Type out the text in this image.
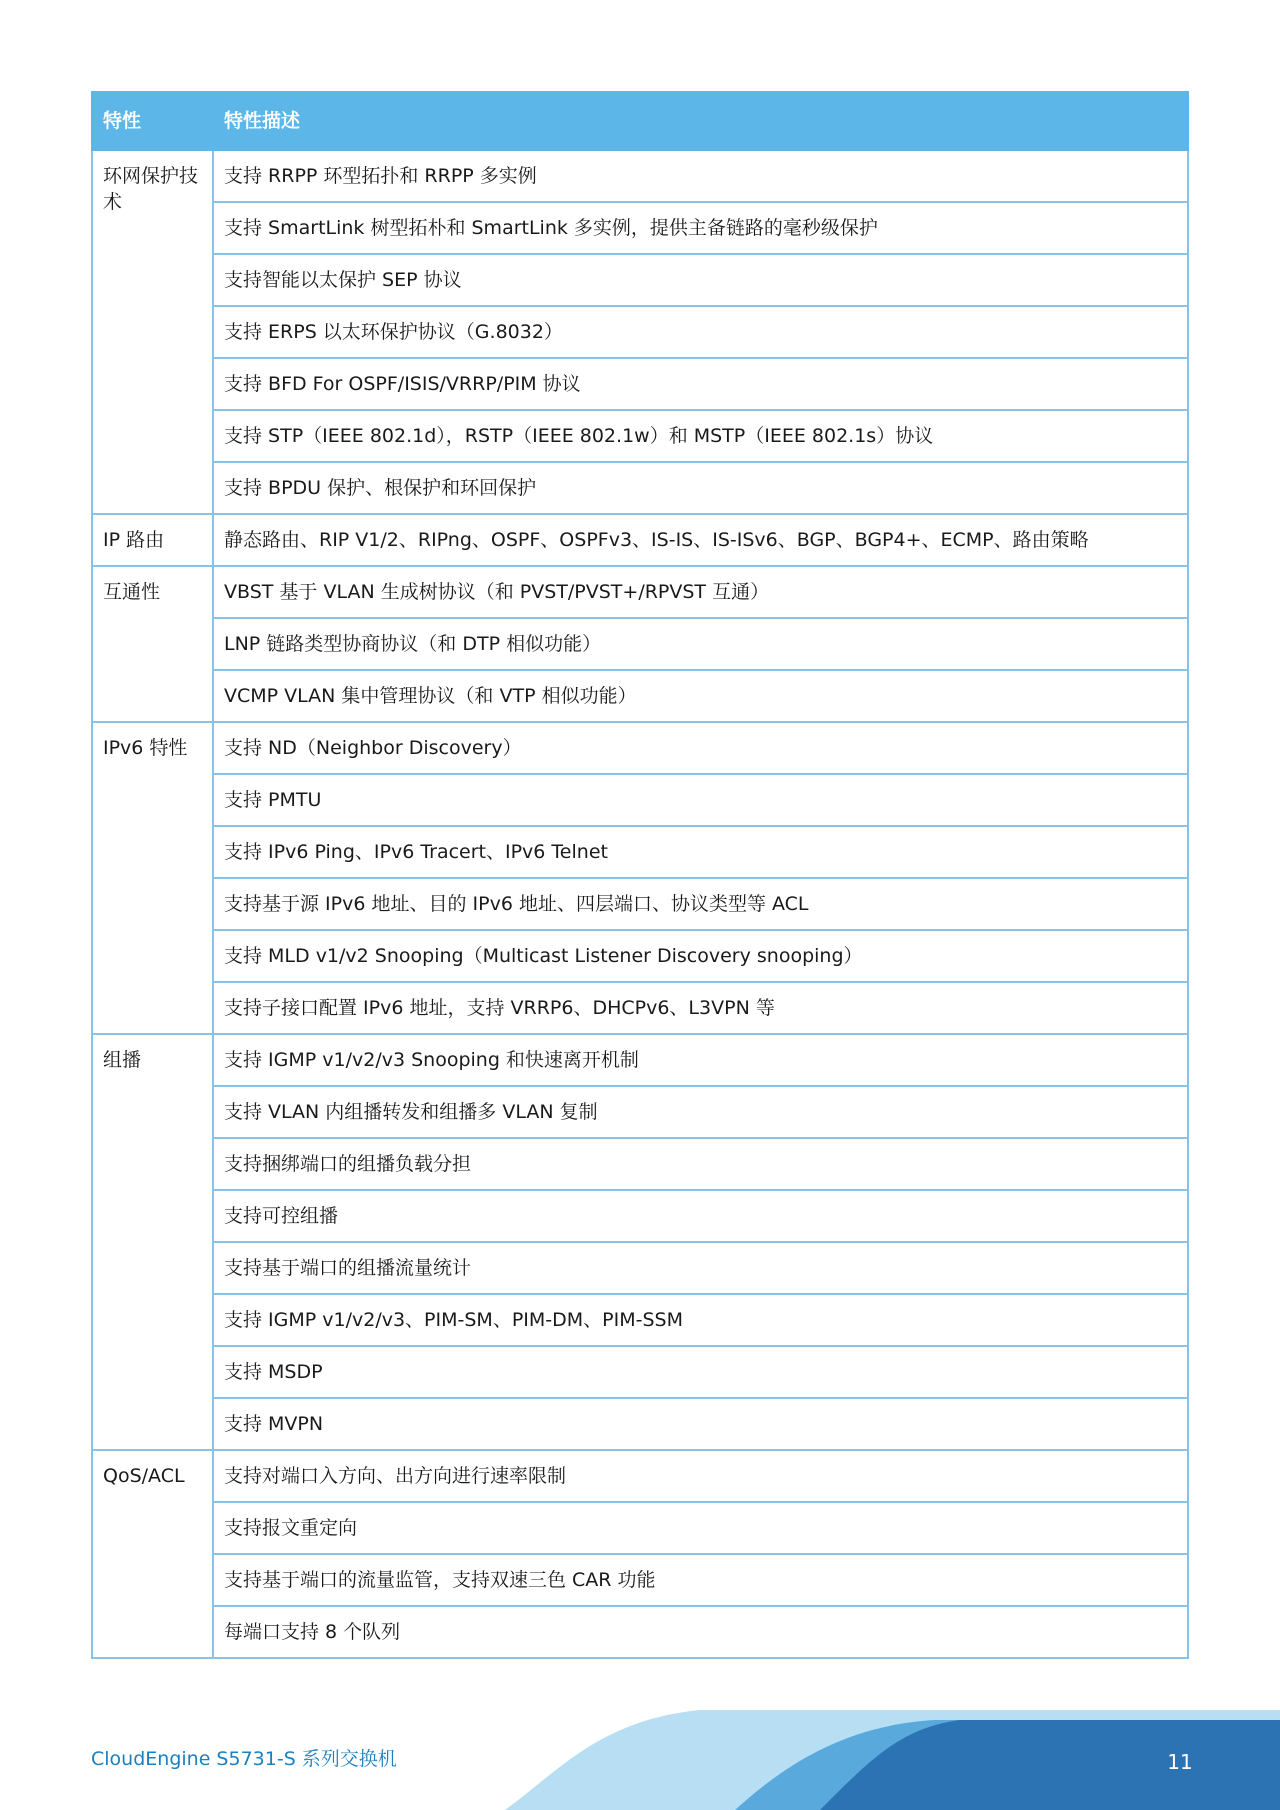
特性	特性描述
环网保护技术	支持 RRPP 环型拓扑和 RRPP 多实例
	支持 SmartLink 树型拓朴和 SmartLink 多实例，提供主备链路的毫秒级保护
	支持智能以太保护 SEP 协议
	支持 ERPS 以太环保护协议（G.8032）
	支持 BFD For OSPF/ISIS/VRRP/PIM 协议
	支持 STP（IEEE 802.1d），RSTP（IEEE 802.1w）和 MSTP（IEEE 802.1s）协议
	支持 BPDU 保护、根保护和环回保护
IP 路由	静态路由、RIP V1/2、RIPng、OSPF、OSPFv3、IS-IS、IS-ISv6、BGP、BGP4+、ECMP、路由策略
互通性	VBST 基于 VLAN 生成树协议（和 PVST/PVST+/RPVST 互通）
	LNP 链路类型协商协议（和 DTP 相似功能）
	VCMP VLAN 集中管理协议（和 VTP 相似功能）
IPv6 特性	支持 ND（Neighbor Discovery）
	支持 PMTU
	支持 IPv6 Ping、IPv6 Tracert、IPv6 Telnet
	支持基于源 IPv6 地址、目的 IPv6 地址、四层端口、协议类型等 ACL
	支持 MLD v1/v2 Snooping（Multicast Listener Discovery snooping）
	支持子接口配置 IPv6 地址，支持 VRRP6、DHCPv6、L3VPN 等
组播	支持 IGMP v1/v2/v3 Snooping 和快速离开机制
	支持 VLAN 内组播转发和组播多 VLAN 复制
	支持捆绑端口的组播负载分担
	支持可控组播
	支持基于端口的组播流量统计
	支持 IGMP v1/v2/v3、PIM-SM、PIM-DM、PIM-SSM
	支持 MSDP
	支持 MVPN
QoS/ACL	支持对端口入方向、出方向进行速率限制
	支持报文重定向
	支持基于端口的流量监管，支持双速三色 CAR 功能
	每端口支持 8 个队列
CloudEngine S5731-S 系列交换机	11
